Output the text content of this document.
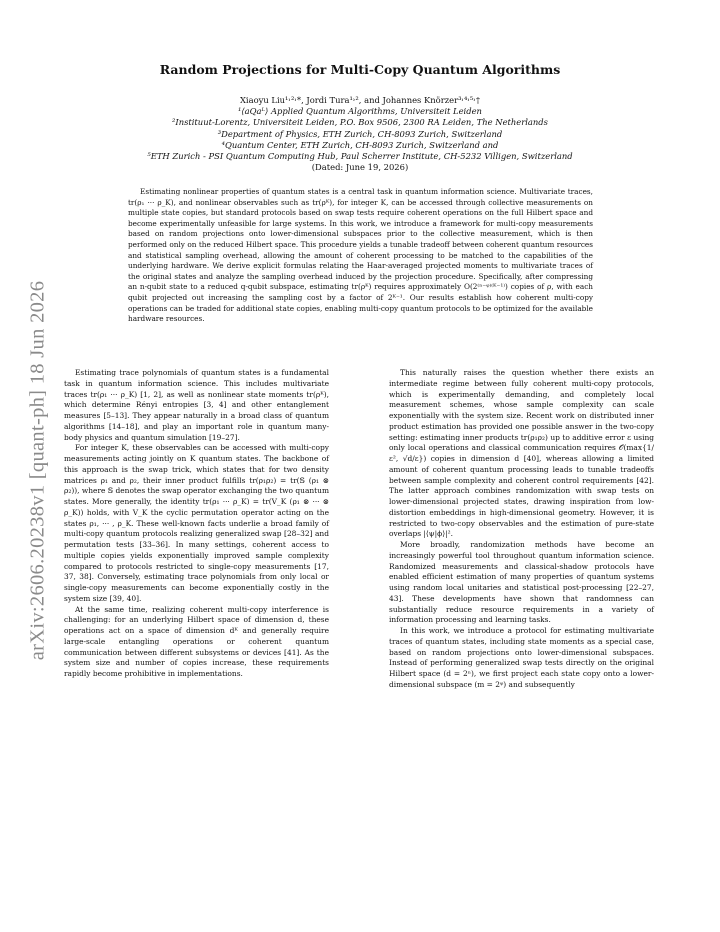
arXiv:2606.20238v1 [quant-ph] 18 Jun 2026
Random Projections for Multi-Copy Quantum Algorithms
Xiaoyu Liu¹˒²˒*, Jordi Tura¹˒², and Johannes Knörzer³˒⁴˒⁵˒†
¹⟨aQaᴸ⟩ Applied Quantum Algorithms, Universiteit Leiden
²Instituut-Lorentz, Universiteit Leiden, P.O. Box 9506, 2300 RA Leiden, The Netherlands
³Department of Physics, ETH Zurich, CH-8093 Zurich, Switzerland
⁴Quantum Center, ETH Zurich, CH-8093 Zurich, Switzerland and
⁵ETH Zurich - PSI Quantum Computing Hub, Paul Scherrer Institute, CH-5232 Villigen, Switzerland
(Dated: June 19, 2026)

Estimating nonlinear properties of quantum states is a central task in quantum information science. Multivariate traces, tr(ρ₁ ··· ρ_K), and nonlinear observables such as tr(ρᴷ), for integer K, can be accessed through collective measurements on multiple state copies, but standard protocols based on swap tests require coherent operations on the full Hilbert space and become experimentally unfeasible for large systems. In this work, we introduce a framework for multi-copy measurements based on random projections onto lower-dimensional subspaces prior to the collective measurement, which is then performed only on the reduced Hilbert space. This procedure yields a tunable tradeoff between coherent quantum resources and statistical sampling overhead, allowing the amount of coherent processing to be matched to the capabilities of the underlying hardware. We derive explicit formulas relating the Haar-averaged projected moments to multivariate traces of the original states and analyze the sampling overhead induced by the projection procedure. Specifically, after compressing an n-qubit state to a reduced q-qubit subspace, estimating tr(ρᴷ) requires approximately O(2⁽ⁿ⁻ᵠ⁾⁽ᴷ⁻¹⁾) copies of ρ, with each qubit projected out increasing the sampling cost by a factor of 2ᴷ⁻¹. Our results establish how coherent multi-copy operations can be traded for additional state copies, enabling multi-copy quantum protocols to be optimized for the available hardware resources.

Estimating trace polynomials of quantum states is a fundamental task in quantum information science. This includes multivariate traces tr(ρ₁ ··· ρ_K) [1, 2], as well as nonlinear state moments tr(ρᴷ), which determine Rényi entropies [3, 4] and other entanglement measures [5–13]. They appear naturally in a broad class of quantum algorithms [14–18], and play an important role in quantum many-body physics and quantum simulation [19–27].

For integer K, these observables can be accessed with multi-copy measurements acting jointly on K quantum states. The backbone of this approach is the swap trick, which states that for two density matrices ρ₁ and ρ₂, their inner product fulfills tr(ρ₁ρ₂) = tr(𝕊 (ρ₁ ⊗ ρ₂)), where 𝕊 denotes the swap operator exchanging the two quantum states. More generally, the identity tr(ρ₁ ··· ρ_K) = tr(V_K (ρ₁ ⊗ ··· ⊗ ρ_K)) holds, with V_K the cyclic permutation operator acting on the states ρ₁, ··· , ρ_K. These well-known facts underlie a broad family of multi-copy quantum protocols realizing generalized swap [28–32] and permutation tests [33–36]. In many settings, coherent access to multiple copies yields exponentially improved sample complexity compared to protocols restricted to single-copy measurements [17, 37, 38]. Conversely, estimating trace polynomials from only local or single-copy measurements can become exponentially costly in the system size [39, 40].

At the same time, realizing coherent multi-copy interference is challenging: for an underlying Hilbert space of dimension d, these operations act on a space of dimension dᴷ and generally require large-scale entangling operations or coherent quantum communication between different subsystems or devices [41]. As the system size and number of copies increase, these requirements rapidly become prohibitive in implementations.

This naturally raises the question whether there exists an intermediate regime between fully coherent multi-copy protocols, which is experimentally demanding, and completely local measurement schemes, whose sample complexity can scale exponentially with the system size. Recent work on distributed inner product estimation has provided one possible answer in the two-copy setting: estimating inner products tr(ρ₁ρ₂) up to additive error ε using only local operations and classical communication requires 𝒪(max{1/ε², √d/ε}) copies in dimension d [40], whereas allowing a limited amount of coherent quantum processing leads to tunable tradeoffs between sample complexity and coherent control requirements [42]. The latter approach combines randomization with swap tests on lower-dimensional projected states, drawing inspiration from low-distortion embeddings in high-dimensional geometry. However, it is restricted to two-copy observables and the estimation of pure-state overlaps |⟨ψ|ϕ⟩|².

More broadly, randomization methods have become an increasingly powerful tool throughout quantum information science. Randomized measurements and classical-shadow protocols have enabled efficient estimation of many properties of quantum systems using random local unitaries and statistical post-processing [22–27, 43]. These developments have shown that randomness can substantially reduce resource requirements in a variety of information processing and learning tasks.

In this work, we introduce a protocol for estimating multivariate traces of quantum states, including state moments as a special case, based on random projections onto lower-dimensional subspaces. Instead of performing generalized swap tests directly on the original Hilbert space (d = 2ⁿ), we first project each state copy onto a lower-dimensional subspace (m = 2ᵠ) and subsequently
